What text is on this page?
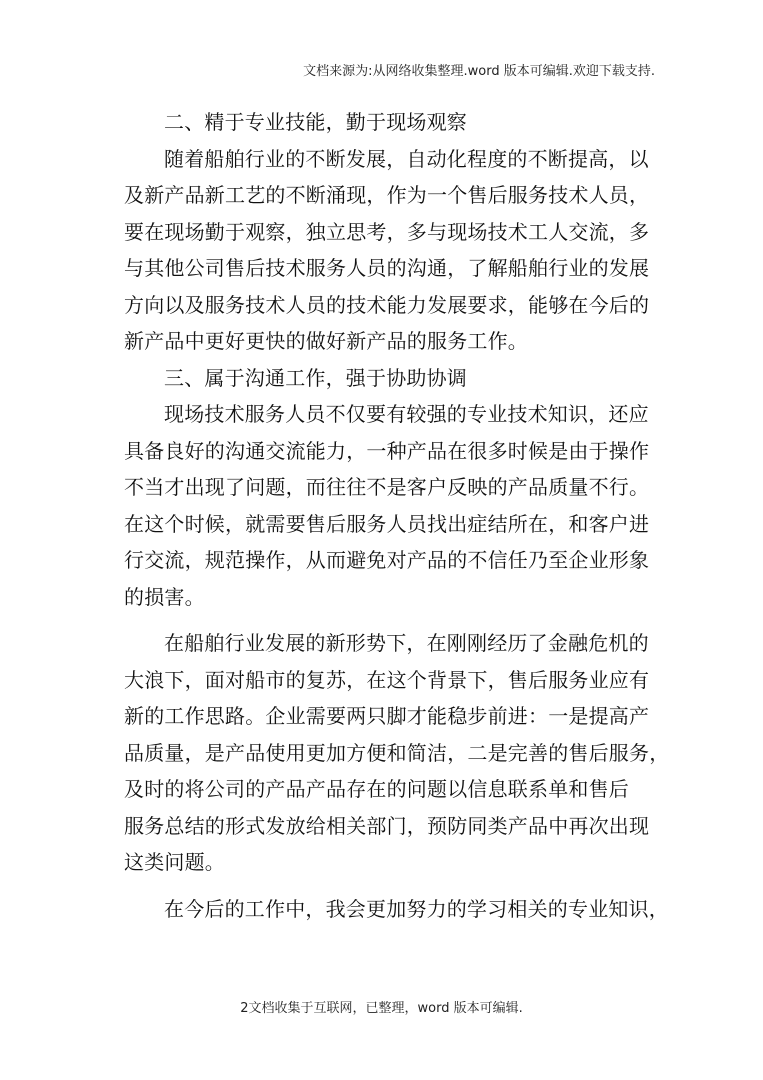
文档来源为:从网络收集整理.word 版本可编辑.欢迎下载支持.
二、精于专业技能，勤于现场观察
随着船舶行业的不断发展，自动化程度的不断提高，以
及新产品新工艺的不断涌现，作为一个售后服务技术人员，
要在现场勤于观察，独立思考，多与现场技术工人交流，多
与其他公司售后技术服务人员的沟通，了解船舶行业的发展
方向以及服务技术人员的技术能力发展要求，能够在今后的
新产品中更好更快的做好新产品的服务工作。
三、属于沟通工作，强于协助协调
现场技术服务人员不仅要有较强的专业技术知识，还应
具备良好的沟通交流能力，一种产品在很多时候是由于操作
不当才出现了问题，而往往不是客户反映的产品质量不行。
在这个时候，就需要售后服务人员找出症结所在，和客户进
行交流，规范操作，从而避免对产品的不信任乃至企业形象
的损害。
在船舶行业发展的新形势下，在刚刚经历了金融危机的
大浪下，面对船市的复苏，在这个背景下，售后服务业应有
新的工作思路。企业需要两只脚才能稳步前进：一是提高产
品质量，是产品使用更加方便和简洁，二是完善的售后服务，
及时的将公司的产品产品存在的问题以信息联系单和售后
服务总结的形式发放给相关部门，预防同类产品中再次出现
这类问题。
在今后的工作中，我会更加努力的学习相关的专业知识，
2文档收集于互联网，已整理，word 版本可编辑.
